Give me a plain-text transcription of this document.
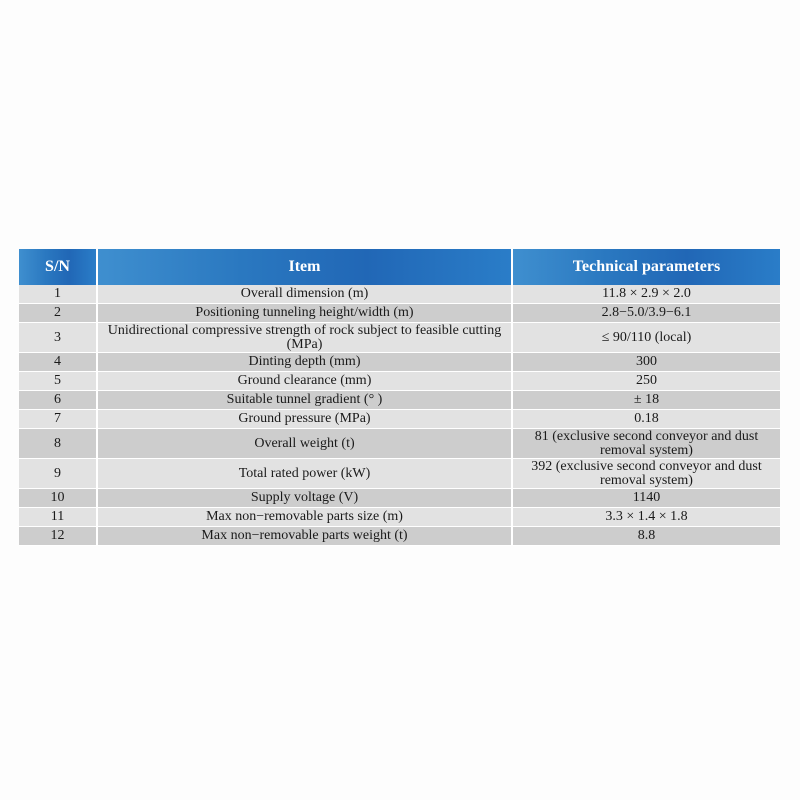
S/N	Item	Technical parameters
1	Overall dimension (m)	11.8 × 2.9 × 2.0
2	Positioning tunneling height/width (m)	2.8−5.0/3.9−6.1
3	Unidirectional compressive strength of rock subject to feasible cutting (MPa)	≤ 90/110 (local)
4	Dinting depth (mm)	300
5	Ground clearance (mm)	250
6	Suitable tunnel gradient (° )	± 18
7	Ground pressure (MPa)	0.18
8	Overall weight (t)	81 (exclusive second conveyor and dust removal system)
9	Total rated power (kW)	392 (exclusive second conveyor and dust removal system)
10	Supply voltage (V)	1140
11	Max non−removable parts size (m)	3.3 × 1.4 × 1.8
12	Max non−removable parts weight (t)	8.8
